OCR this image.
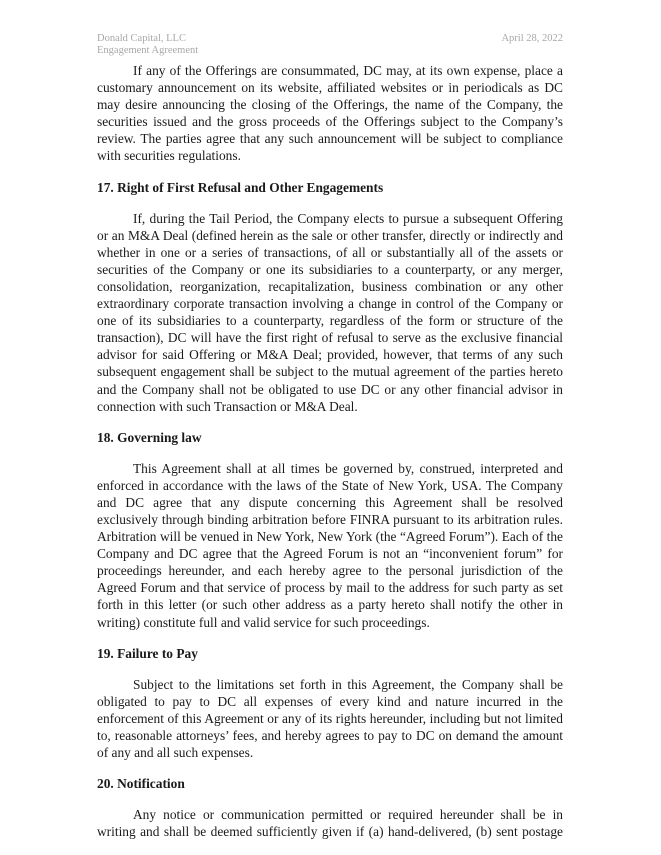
Donald Capital, LLC
Engagement Agreement
April 28, 2022

If any of the Offerings are consummated, DC may, at its own expense, place a customary announcement on its website, affiliated websites or in periodicals as DC may desire announcing the closing of the Offerings, the name of the Company, the securities issued and the gross proceeds of the Offerings subject to the Company’s review. The parties agree that any such announcement will be subject to compliance with securities regulations.

17. Right of First Refusal and Other Engagements

If, during the Tail Period, the Company elects to pursue a subsequent Offering or an M&A Deal (defined herein as the sale or other transfer, directly or indirectly and whether in one or a series of transactions, of all or substantially all of the assets or securities of the Company or one its subsidiaries to a counterparty, or any merger, consolidation, reorganization, recapitalization, business combination or any other extraordinary corporate transaction involving a change in control of the Company or one of its subsidiaries to a counterparty, regardless of the form or structure of the transaction), DC will have the first right of refusal to serve as the exclusive financial advisor for said Offering or M&A Deal; provided, however, that terms of any such subsequent engagement shall be subject to the mutual agreement of the parties hereto and the Company shall not be obligated to use DC or any other financial advisor in connection with such Transaction or M&A Deal.

18. Governing law

This Agreement shall at all times be governed by, construed, interpreted and enforced in accordance with the laws of the State of New York, USA. The Company and DC agree that any dispute concerning this Agreement shall be resolved exclusively through binding arbitration before FINRA pursuant to its arbitration rules. Arbitration will be venued in New York, New York (the “Agreed Forum”). Each of the Company and DC agree that the Agreed Forum is not an “inconvenient forum” for proceedings hereunder, and each hereby agree to the personal jurisdiction of the Agreed Forum and that service of process by mail to the address for such party as set forth in this letter (or such other address as a party hereto shall notify the other in writing) constitute full and valid service for such proceedings.

19. Failure to Pay

Subject to the limitations set forth in this Agreement, the Company shall be obligated to pay to DC all expenses of every kind and nature incurred in the enforcement of this Agreement or any of its rights hereunder, including but not limited to, reasonable attorneys’ fees, and hereby agrees to pay to DC on demand the amount of any and all such expenses.

20. Notification

Any notice or communication permitted or required hereunder shall be in writing and shall be deemed sufficiently given if (a) hand-delivered, (b) sent postage
